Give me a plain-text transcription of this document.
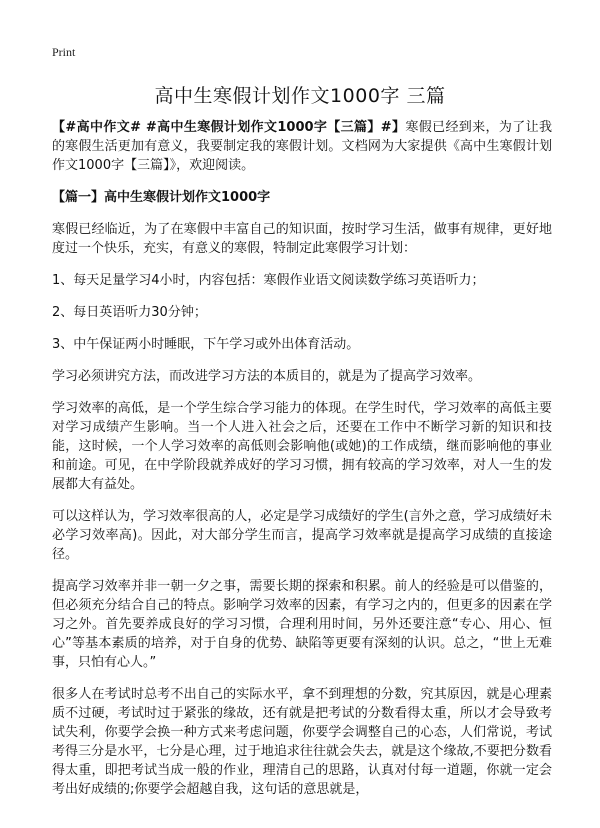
Print
高中生寒假计划作文1000字 三篇

【#高中作文# #高中生寒假计划作文1000字【三篇】#】寒假已经到来，为了让我的寒假生活更加有意义，我要制定我的寒假计划。文档网为大家提供《高中生寒假计划作文1000字【三篇】》，欢迎阅读。

【篇一】高中生寒假计划作文1000字

寒假已经临近，为了在寒假中丰富自己的知识面，按时学习生活，做事有规律，更好地度过一个快乐，充实，有意义的寒假，特制定此寒假学习计划：

1、每天足量学习4小时，内容包括：寒假作业语文阅读数学练习英语听力；

2、每日英语听力30分钟；

3、中午保证两小时睡眠，下午学习或外出体育活动。

学习必须讲究方法，而改进学习方法的本质目的，就是为了提高学习效率。

学习效率的高低，是一个学生综合学习能力的体现。在学生时代，学习效率的高低主要对学习成绩产生影响。当一个人进入社会之后，还要在工作中不断学习新的知识和技能，这时候，一个人学习效率的高低则会影响他(或她)的工作成绩，继而影响他的事业和前途。可见，在中学阶段就养成好的学习习惯，拥有较高的学习效率，对人一生的发展都大有益处。

可以这样认为，学习效率很高的人，必定是学习成绩好的学生(言外之意，学习成绩好未必学习效率高)。因此，对大部分学生而言，提高学习效率就是提高学习成绩的直接途径。

提高学习效率并非一朝一夕之事，需要长期的探索和积累。前人的经验是可以借鉴的，但必须充分结合自己的特点。影响学习效率的因素，有学习之内的，但更多的因素在学习之外。首先要养成良好的学习习惯，合理利用时间，另外还要注意“专心、用心、恒心”等基本素质的培养，对于自身的优势、缺陷等更要有深刻的认识。总之，“世上无难事，只怕有心人。”

很多人在考试时总考不出自己的实际水平，拿不到理想的分数，究其原因，就是心理素质不过硬，考试时过于紧张的缘故，还有就是把考试的分数看得太重，所以才会导致考试失利，你要学会换一种方式来考虑问题，你要学会调整自己的心态，人们常说，考试考得三分是水平，七分是心理，过于地追求往往就会失去，就是这个缘故,不要把分数看得太重，即把考试当成一般的作业，理清自己的思路，认真对付每一道题，你就一定会考出好成绩的;你要学会超越自我，这句话的意思就是，
